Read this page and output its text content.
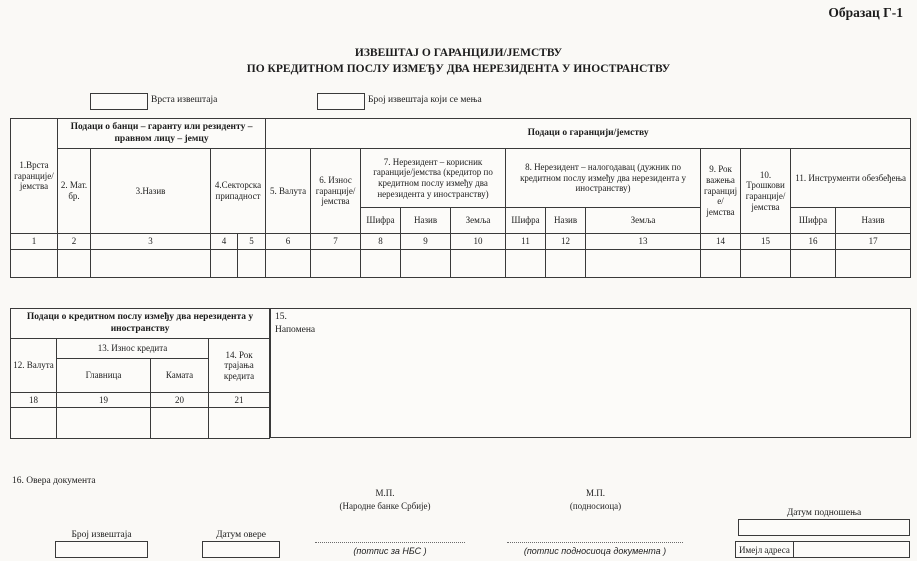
Образац Г-1
ИЗВЕШТАЈ О ГАРАНЦИЈИ/ЈЕМСТВУ
ПО КРЕДИТНОМ ПОСЛУ ИЗМЕЂУ ДВА НЕРЕЗИДЕНТА У ИНОСТРАНСТВУ
Врста извештаја	Број извештаја који се мења
1.Врста гаранције/ јемства	Подаци о банци – гаранту или резиденту – правном лицу – јемцу				Подаци о гаранцији/јемству											
	2. Мат. бр.	3.Назив	4.Секторска припадност		5. Валута	6. Износ гаранције/ јемства	7. Нерезидент – корисник гаранције/јемства (кредитор по кредитном послу између два нерезидента у иностранству)			8. Нерезидент – налогодавац (дужник по кредитном послу између два нерезидента у иностранству)			9. Рок важења гаранције/ јемства	10. Трошкови гаранције/ јемства	11. Инструменти обезбеђења	
							Шифра	Назив	Земља	Шифра	Назив	Земља			Шифра	Назив
1	2	3	4	5	6	7	8	9	10	11	12	13	14	15	16	17

Подаци о кредитном послу између два нерезидента у иностранству			
12. Валута	13. Износ кредита		14. Рок трајања кредита
	Главница	Камата	
18	19	20	21

15.
Напомена
16. Овера документа
М.П.
(Народне банке Србије)
М.П.
(подносиоца)
Датум подношења
Број извештаја	Датум овере
(потпис за НБС )	(потпис подносиоца документа )	Имејл адреса
